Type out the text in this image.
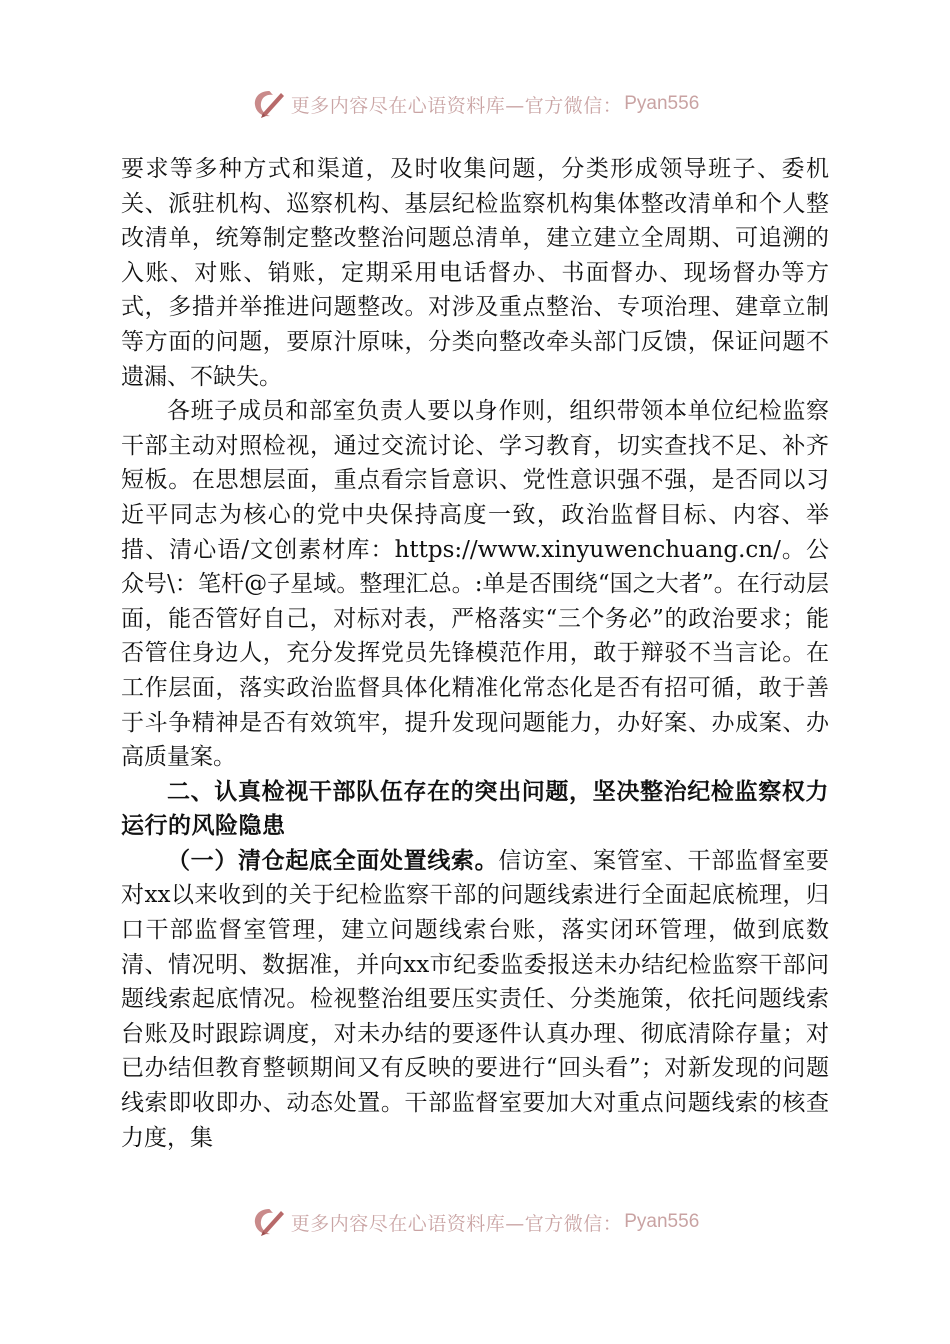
更多内容尽在心语资料库—官方微信： Pyan556

要求等多种方式和渠道，及时收集问题，分类形成领导班子、委机关、派驻机构、巡察机构、基层纪检监察机构集体整改清单和个人整改清单，统筹制定整改整治问题总清单，建立建立全周期、可追溯的入账、对账、销账，定期采用电话督办、书面督办、现场督办等方式，多措并举推进问题整改。对涉及重点整治、专项治理、建章立制等方面的问题，要原汁原味，分类向整改牵头部门反馈，保证问题不遗漏、不缺失。

各班子成员和部室负责人要以身作则，组织带领本单位纪检监察干部主动对照检视，通过交流讨论、学习教育，切实查找不足、补齐短板。在思想层面，重点看宗旨意识、党性意识强不强，是否同以习近平同志为核心的党中央保持高度一致，政治监督目标、内容、举措、清心语/文创素材库：https://www.xinyuwenchuang.cn/。公众号\：笔杆@子星域。整理汇总。:单是否围绕“国之大者”。在行动层面，能否管好自己，对标对表，严格落实“三个务必”的政治要求；能否管住身边人，充分发挥党员先锋模范作用，敢于辩驳不当言论。在工作层面，落实政治监督具体化精准化常态化是否有招可循，敢于善于斗争精神是否有效筑牢，提升发现问题能力，办好案、办成案、办高质量案。

二、认真检视干部队伍存在的突出问题，坚决整治纪检监察权力运行的风险隐患

（一）清仓起底全面处置线索。信访室、案管室、干部监督室要对xx以来收到的关于纪检监察干部的问题线索进行全面起底梳理，归口干部监督室管理，建立问题线索台账，落实闭环管理，做到底数清、情况明、数据准，并向xx市纪委监委报送未办结纪检监察干部问题线索起底情况。检视整治组要压实责任、分类施策，依托问题线索台账及时跟踪调度，对未办结的要逐件认真办理、彻底清除存量；对已办结但教育整顿期间又有反映的要进行“回头看”；对新发现的问题线索即收即办、动态处置。干部监督室要加大对重点问题线索的核查力度，集

更多内容尽在心语资料库—官方微信： Pyan556
